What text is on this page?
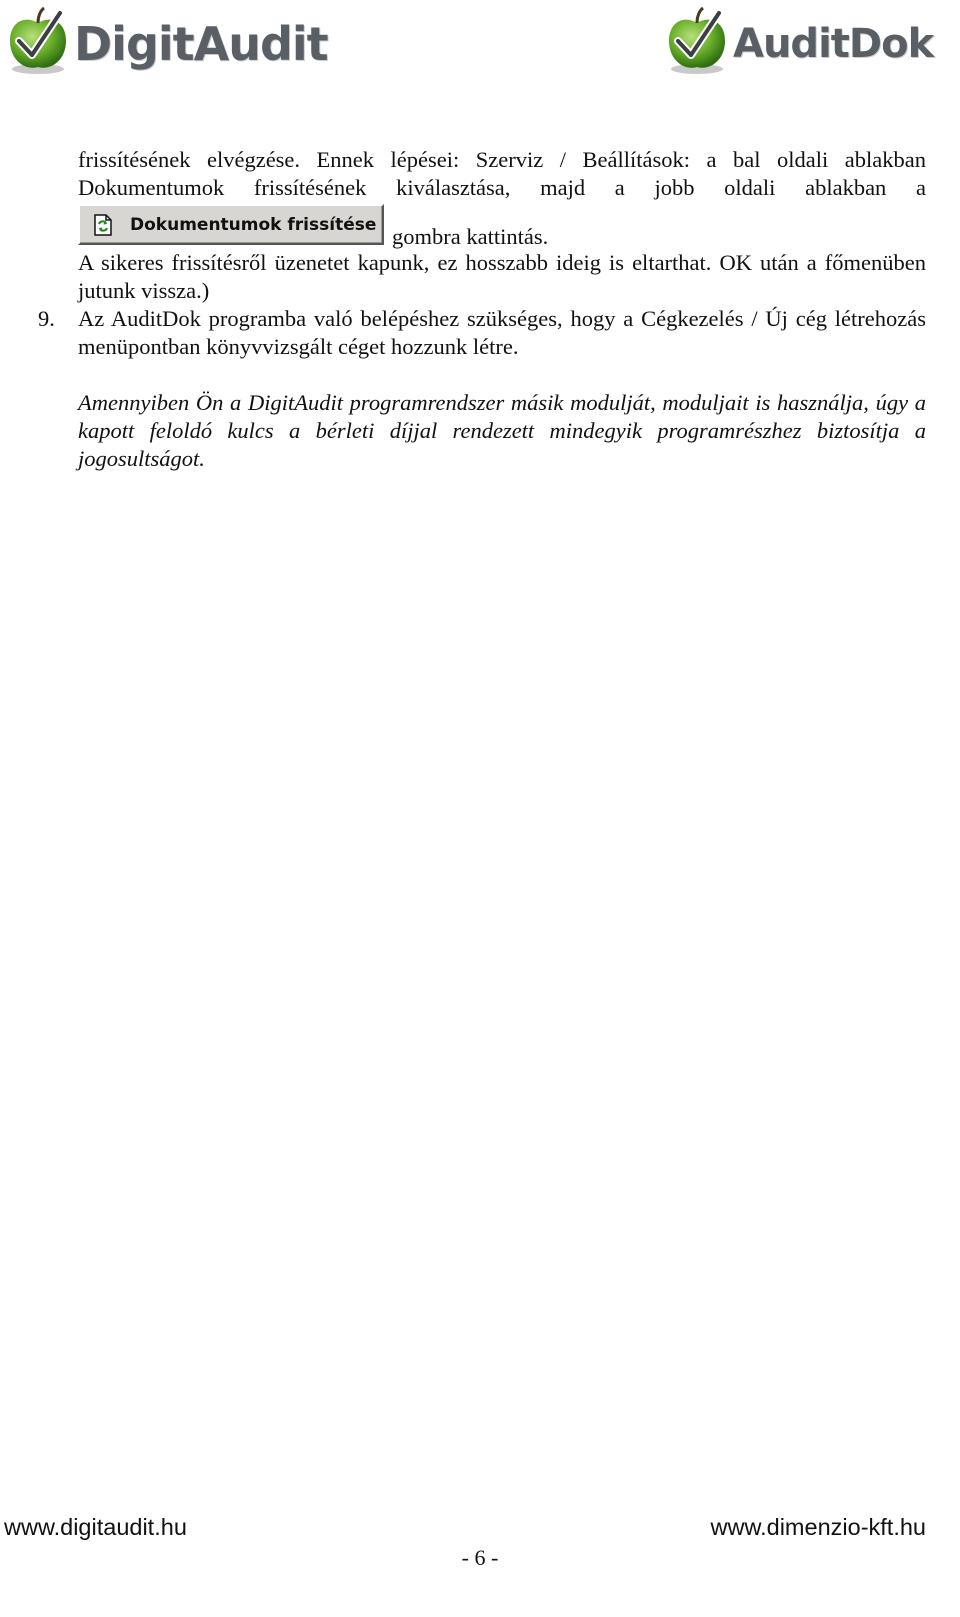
DigitAudit	AuditDok

frissítésének elvégzése. Ennek lépései: Szerviz / Beállítások: a bal oldali ablakban

Dokumentumok frissítésének kiválasztása, majd a jobb oldali ablakban a

Dokumentumok frissítése gombra kattintás.

A sikeres frissítésről üzenetet kapunk, ez hosszabb ideig is eltarthat. OK után a főmenüben jutunk vissza.)

9. Az AuditDok programba való belépéshez szükséges, hogy a Cégkezelés / Új cég létrehozás menüpontban könyvvizsgált céget hozzunk létre.

Amennyiben Ön a DigitAudit programrendszer másik modulját, moduljait is használja, úgy a kapott feloldó kulcs a bérleti díjjal rendezett mindegyik programrészhez biztosítja a jogosultságot.

www.digitaudit.hu	www.dimenzio-kft.hu
- 6 -
